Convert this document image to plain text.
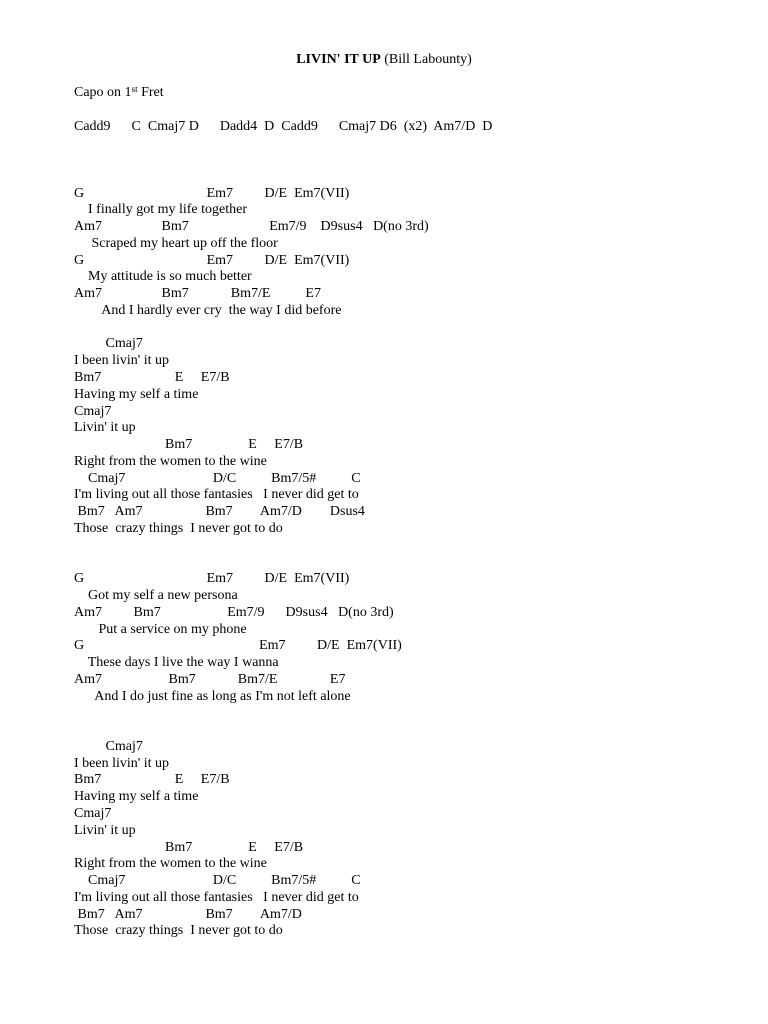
LIVIN' IT UP (Bill Labounty)
Capo on 1st Fret
Cadd9      C  Cmaj7 D      Dadd4  D  Cadd9      Cmaj7 D6  (x2)  Am7/D  D
G                                   Em7         D/E  Em7(VII)
I finally got my life together
Am7                 Bm7                       Em7/9    D9sus4   D(no 3rd)
Scraped my heart up off the floor
G                                   Em7         D/E  Em7(VII)
My attitude is so much better
Am7                 Bm7            Bm7/E          E7
And I hardly ever cry  the way I did before
Cmaj7
I been livin' it up
Bm7                     E     E7/B
Having my self a time
Cmaj7
Livin' it up
Bm7                E     E7/B
Right from the women to the wine
Cmaj7                         D/C          Bm7/5#          C
I'm living out all those fantasies   I never did get to
Bm7   Am7                  Bm7        Am7/D        Dsus4
Those  crazy things  I never got to do
G                                   Em7         D/E  Em7(VII)
Got my self a new persona
Am7         Bm7                   Em7/9      D9sus4   D(no 3rd)
Put a service on my phone
G                                                  Em7         D/E  Em7(VII)
These days I live the way I wanna
Am7                   Bm7            Bm7/E               E7
And I do just fine as long as I'm not left alone
Cmaj7
I been livin' it up
Bm7                     E     E7/B
Having my self a time
Cmaj7
Livin' it up
Bm7                E     E7/B
Right from the women to the wine
Cmaj7                         D/C          Bm7/5#          C
I'm living out all those fantasies   I never did get to
Bm7   Am7                  Bm7        Am7/D
Those  crazy things  I never got to do
